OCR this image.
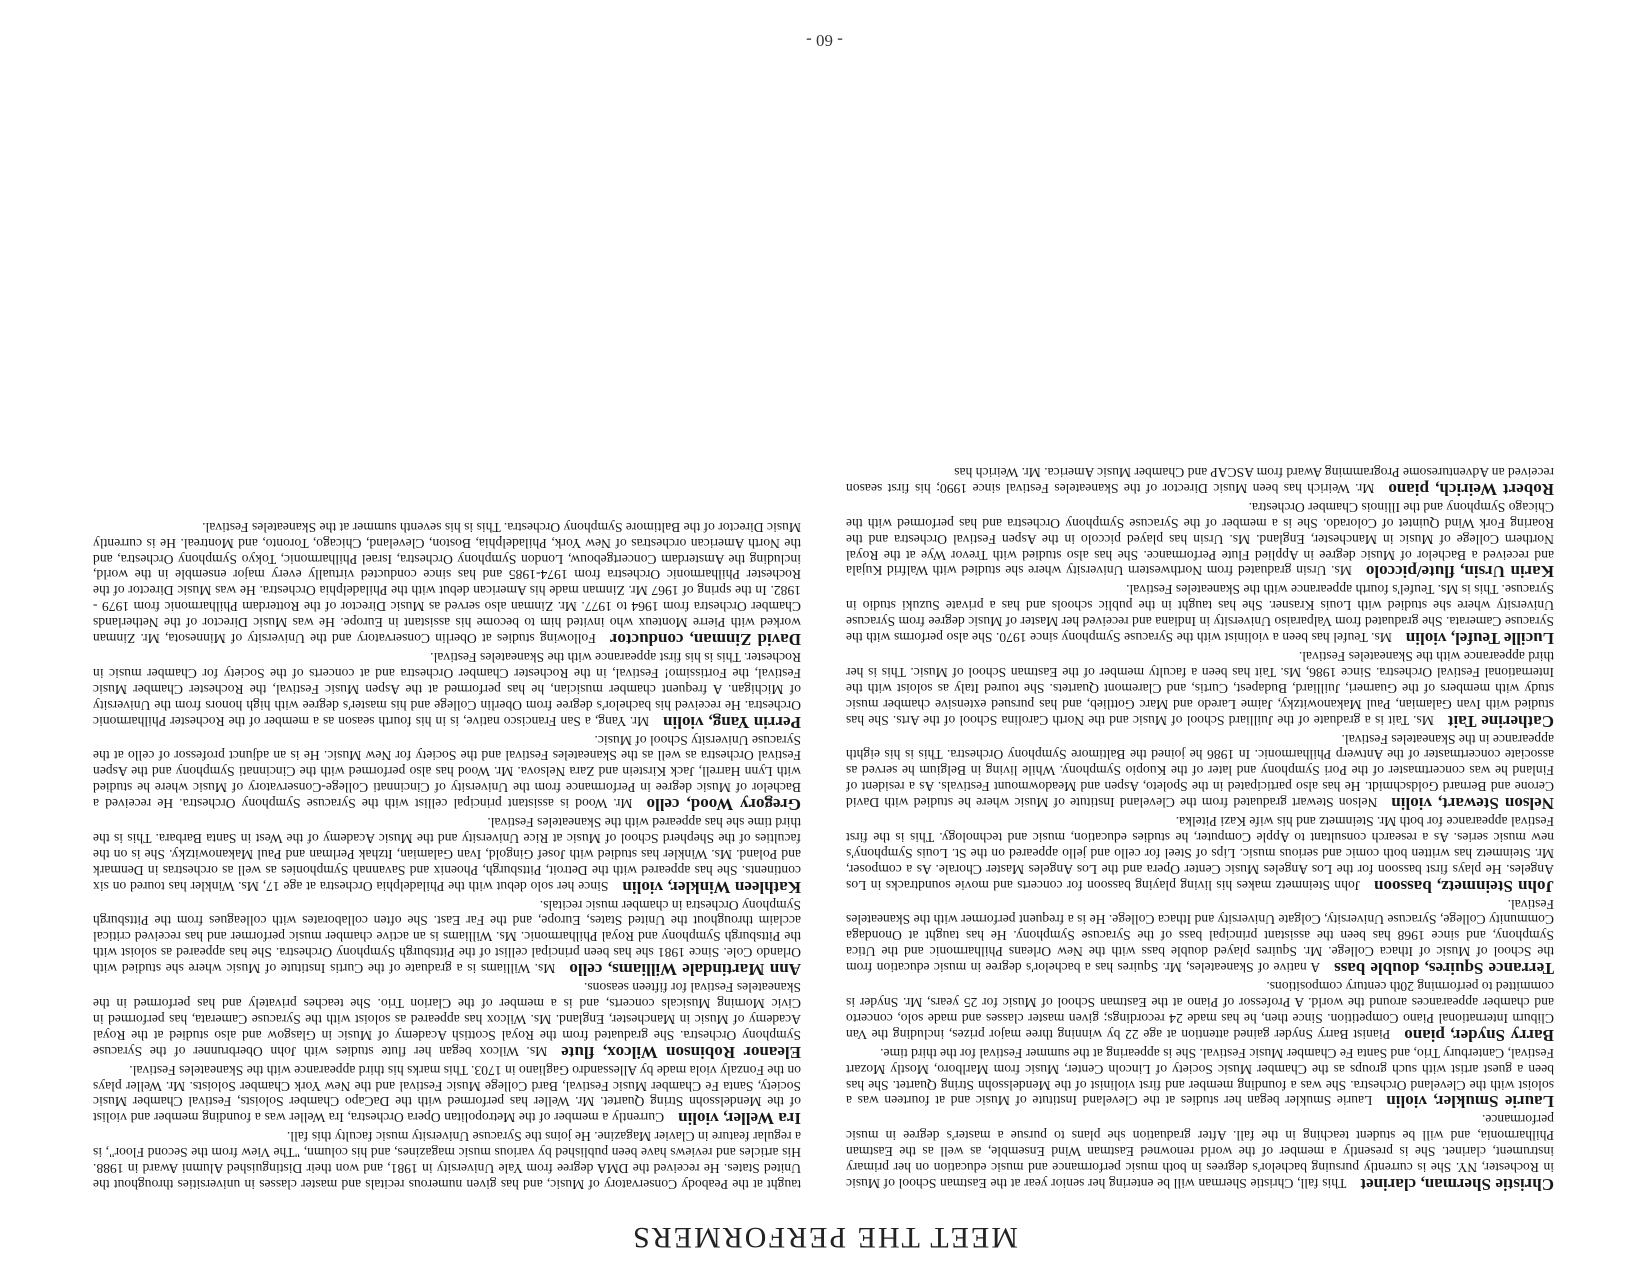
MEET THE PERFORMERS

Christie Sherman, clarinetThis fall, Christie Sherman will be entering her senior year at the Eastman School of Music in Rochester, NY. She is currently pursuing bachelor's degrees in both music performance and music education on her primary instrument, clarinet. She is presently a member of the world renowned Eastman Wind Ensemble, as well as the Eastman Philharmonia, and will be student teaching in the fall. After graduation she plans to pursue a master's degree in music performance.

Laurie Smukler, violinLaurie Smukler began her studies at the Cleveland Institute of Music and at fourteen was a soloist with the Cleveland Orchestra. She was a founding member and first violinist of the Mendelssohn String Quartet. She has been a guest artist with such groups as the Chamber Music Society of Lincoln Center, Music from Marlboro, Mostly Mozart Festival, Canterbury Trio, and Santa Fe Chamber Music Festival. She is appearing at the summer Festival for the third time.

Barry Snyder, pianoPianist Barry Snyder gained attention at age 22 by winning three major prizes, including the Van Cliburn International Piano Competition. Since then, he has made 24 recordings; given master classes and made solo, concerto and chamber appearances around the world. A Professor of Piano at the Eastman School of Music for 25 years, Mr. Snyder is committed to performing 20th century compositions.

Terrance Squires, double bassA native of Skaneateles, Mr. Squires has a bachelor's degree in music education from the School of Music of Ithaca College. Mr. Squires played double bass with the New Orleans Philharmonic and the Utica Symphony, and since 1968 has been the assistant principal bass of the Syracuse Symphony. He has taught at Onondaga Community College, Syracuse University, Colgate University and Ithaca College. He is a frequent performer with the Skaneateles Festival.

John Steinmetz, bassoonJohn Steinmetz makes his living playing bassoon for concerts and movie soundtracks in Los Angeles. He plays first bassoon for the Los Angeles Music Center Opera and the Los Angeles Master Chorale. As a composer, Mr. Steinmetz has written both comic and serious music. Lips of Steel for cello and jello appeared on the St. Louis Symphony's new music series. As a research consultant to Apple Computer, he studies education, music and technology. This is the first Festival appearance for both Mr. Steinmetz and his wife Kazi Pitelka.

Nelson Stewart, violinNelson Stewart graduated from the Cleveland Institute of Music where he studied with David Cerone and Bernard Goldschmidt. He has also participated in the Spoleto, Aspen and Meadowmount Festivals. As a resident of Finland he was concertmaster of the Pori Symphony and later of the Kuopio Symphony. While living in Belgium he served as associate concertmaster of the Antwerp Philharmonic. In 1986 he joined the Baltimore Symphony Orchestra. This is his eighth appearance in the Skaneateles Festival.

Catherine TaitMs. Tait is a graduate of the Juilliard School of Music and the North Carolina School of the Arts. She has studied with Ivan Galamian, Paul Makanowitzky, Jaime Laredo and Marc Gottlieb, and has pursued extensive chamber music study with members of the Guarneri, Juilliard, Budapest, Curtis, and Claremont Quartets. She toured Italy as soloist with the International Festival Orchestra. Since 1986, Ms. Tait has been a faculty member of the Eastman School of Music. This is her third appearance with the Skaneateles Festival.

Lucille Teufel, violinMs. Teufel has been a violinist with the Syracuse Symphony since 1970. She also performs with the Syracuse Camerata. She graduated from Valparaiso University in Indiana and received her Master of Music degree from Syracuse University where she studied with Louis Krasner. She has taught in the public schools and has a private Suzuki studio in Syracuse. This is Ms. Teufel's fourth appearance with the Skaneateles Festival.

Karin Ursin, flute/piccoloMs. Ursin graduated from Northwestern University where she studied with Walfrid Kujala and received a Bachelor of Music degree in Applied Flute Performance. She has also studied with Trevor Wye at the Royal Northern College of Music in Manchester, England. Ms. Ursin has played piccolo in the Aspen Festival Orchestra and the Roaring Fork Wind Quintet of Colorado. She is a member of the Syracuse Symphony Orchestra and has performed with the Chicago Symphony and the Illinois Chamber Orchestra.

Robert Weirich, pianoMr. Weirich has been Music Director of the Skaneateles Festival since 1990; his first season received an Adventuresome Programming Award from ASCAP and Chamber Music America. Mr. Weirich has

taught at the Peabody Conservatory of Music, and has given numerous recitals and master classes in universities throughout the United States. He received the DMA degree from Yale University in 1981, and won their Distinguished Alumni Award in 1988. His articles and reviews have been published by various music magazines, and his column, "The View from the Second Floor", is a regular feature in Clavier Magazine. He joins the Syracuse University music faculty this fall.

Ira Weller, violinCurrently a member of the Metropolitan Opera Orchestra, Ira Weller was a founding member and violist of the Mendelssohn String Quartet. Mr. Weller has performed with the DaCapo Chamber Soloists, Festival Chamber Music Society, Santa Fe Chamber Music Festival, Bard College Music Festival and the New York Chamber Soloists. Mr. Weller plays on the Fonzaly viola made by Allessandro Gagliano in 1703. This marks his third appearance with the Skaneateles Festival.

Eleanor Robinson Wilcox, fluteMs. Wilcox began her flute studies with John Oberbrunner of the Syracuse Symphony Orchestra. She graduated from the Royal Scottish Academy of Music in Glasgow and also studied at the Royal Academy of Music in Manchester, England. Ms. Wilcox has appeared as soloist with the Syracuse Camerata, has performed in Civic Morning Musicals concerts, and is a member of the Clarion Trio. She teaches privately and has performed in the Skaneateles Festival for fifteen seasons.

Ann Martindale Williams, celloMs. Williams is a graduate of the Curtis Institute of Music where she studied with Orlando Cole. Since 1981 she has been principal cellist of the Pittsburgh Symphony Orchestra. She has appeared as soloist with the Pittsburgh Symphony and Royal Philharmonic. Ms. Williams is an active chamber music performer and has received critical acclaim throughout the United States, Europe, and the Far East. She often collaborates with colleagues from the Pittsburgh Symphony Orchestra in chamber music recitals.

Kathleen Winkler, violinSince her solo debut with the Philadelphia Orchestra at age 17, Ms. Winkler has toured on six continents. She has appeared with the Detroit, Pittsburgh, Phoenix and Savannah Symphonies as well as orchestras in Denmark and Poland. Ms. Winkler has studied with Josef Gingold, Ivan Galamian, Itzhak Perlman and Paul Makanowitzky. She is on the faculties of the Shepherd School of Music at Rice University and the Music Academy of the West in Santa Barbara. This is the third time she has appeared with the Skaneateles Festival.

Gregory Wood, celloMr. Wood is assistant principal cellist with the Syracuse Symphony Orchestra. He received a Bachelor of Music degree in Performance from the University of Cincinnati College-Conservatory of Music where he studied with Lynn Harrell, Jack Kirstein and Zara Nelsova. Mr. Wood has also performed with the Cincinnati Symphony and the Aspen Festival Orchestra as well as the Skaneateles Festival and the Society for New Music. He is an adjunct professor of cello at the Syracuse University School of Music.

Perrin Yang, violinMr. Yang, a San Francisco native, is in his fourth season as a member of the Rochester Philharmonic Orchestra. He received his bachelor's degree from Oberlin College and his master's degree with high honors from the University of Michigan. A frequent chamber musician, he has performed at the Aspen Music Festival, the Rochester Chamber Music Festival, the Fortissimo! Festival, in the Rochester Chamber Orchestra and at concerts of the Society for Chamber music in Rochester. This is his first appearance with the Skaneateles Festival.

David Zinman, conductorFollowing studies at Oberlin Conservatory and the University of Minnesota, Mr. Zinman worked with Pierre Monteux who invited him to become his assistant in Europe. He was Music Director of the Netherlands Chamber Orchestra from 1964 to 1977. Mr. Zinman also served as Music Director of the Rotterdam Philharmonic from 1979 - 1982. In the spring of 1967 Mr. Zinman made his American debut with the Philadelphia Orchestra. He was Music Director of the Rochester Philharmonic Orchestra from 1974-1985 and has since conducted virtually every major ensemble in the world, including the Amsterdam Concertgebouw, London Symphony Orchestra, Israel Philharmonic, Tokyo Symphony Orchestra, and the North American orchestras of New York, Philadelphia, Boston, Cleveland, Chicago, Toronto, and Montreal. He is currently Music Director of the Baltimore Symphony Orchestra. This is his seventh summer at the Skaneateles Festival.

- 60 -
